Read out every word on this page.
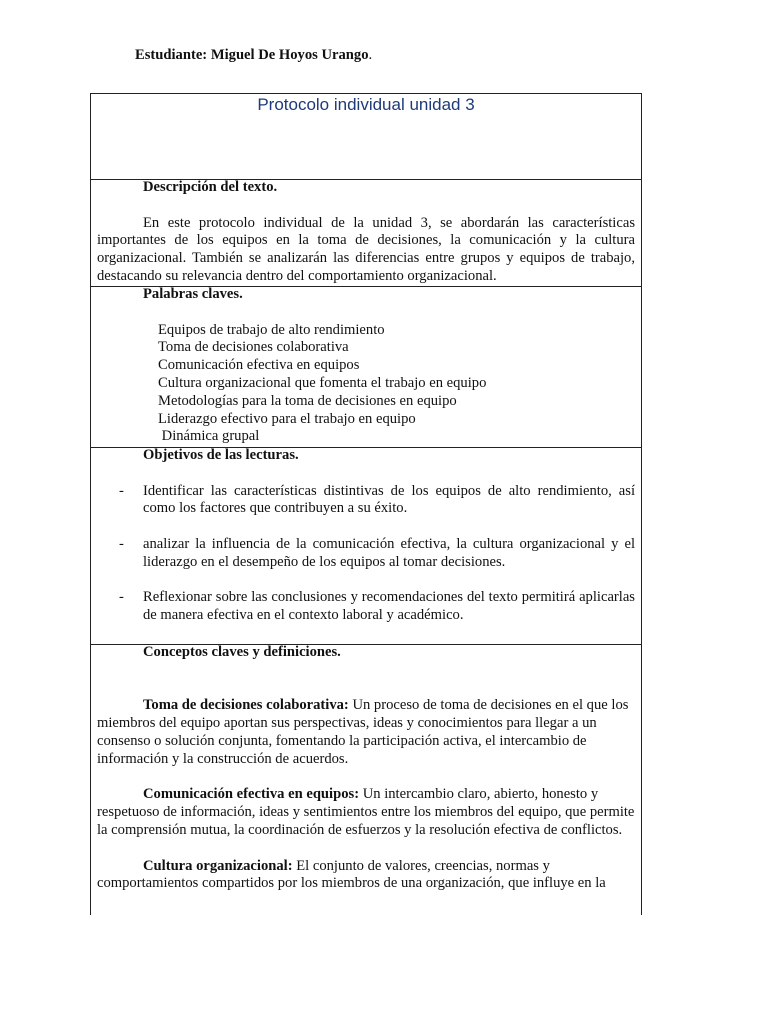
Estudiante: Miguel De Hoyos Urango.
Protocolo individual unidad 3
Descripción del texto.
En este protocolo individual de la unidad 3, se abordarán las características importantes de los equipos en la toma de decisiones, la comunicación y la cultura organizacional. También se analizarán las diferencias entre grupos y equipos de trabajo, destacando su relevancia dentro del comportamiento organizacional.
Palabras claves.
Equipos de trabajo de alto rendimiento
Toma de decisiones colaborativa
Comunicación efectiva en equipos
Cultura organizacional que fomenta el trabajo en equipo
Metodologías para la toma de decisiones en equipo
Liderazgo efectivo para el trabajo en equipo
Dinámica grupal
Objetivos de las lecturas.
- Identificar las características distintivas de los equipos de alto rendimiento, así como los factores que contribuyen a su éxito.
- analizar la influencia de la comunicación efectiva, la cultura organizacional y el liderazgo en el desempeño de los equipos al tomar decisiones.
- Reflexionar sobre las conclusiones y recomendaciones del texto permitirá aplicarlas de manera efectiva en el contexto laboral y académico.
Conceptos claves y definiciones.
Toma de decisiones colaborativa: Un proceso de toma de decisiones en el que los miembros del equipo aportan sus perspectivas, ideas y conocimientos para llegar a un consenso o solución conjunta, fomentando la participación activa, el intercambio de información y la construcción de acuerdos.
Comunicación efectiva en equipos: Un intercambio claro, abierto, honesto y respetuoso de información, ideas y sentimientos entre los miembros del equipo, que permite la comprensión mutua, la coordinación de esfuerzos y la resolución efectiva de conflictos.
Cultura organizacional: El conjunto de valores, creencias, normas y comportamientos compartidos por los miembros de una organización, que influye en la
